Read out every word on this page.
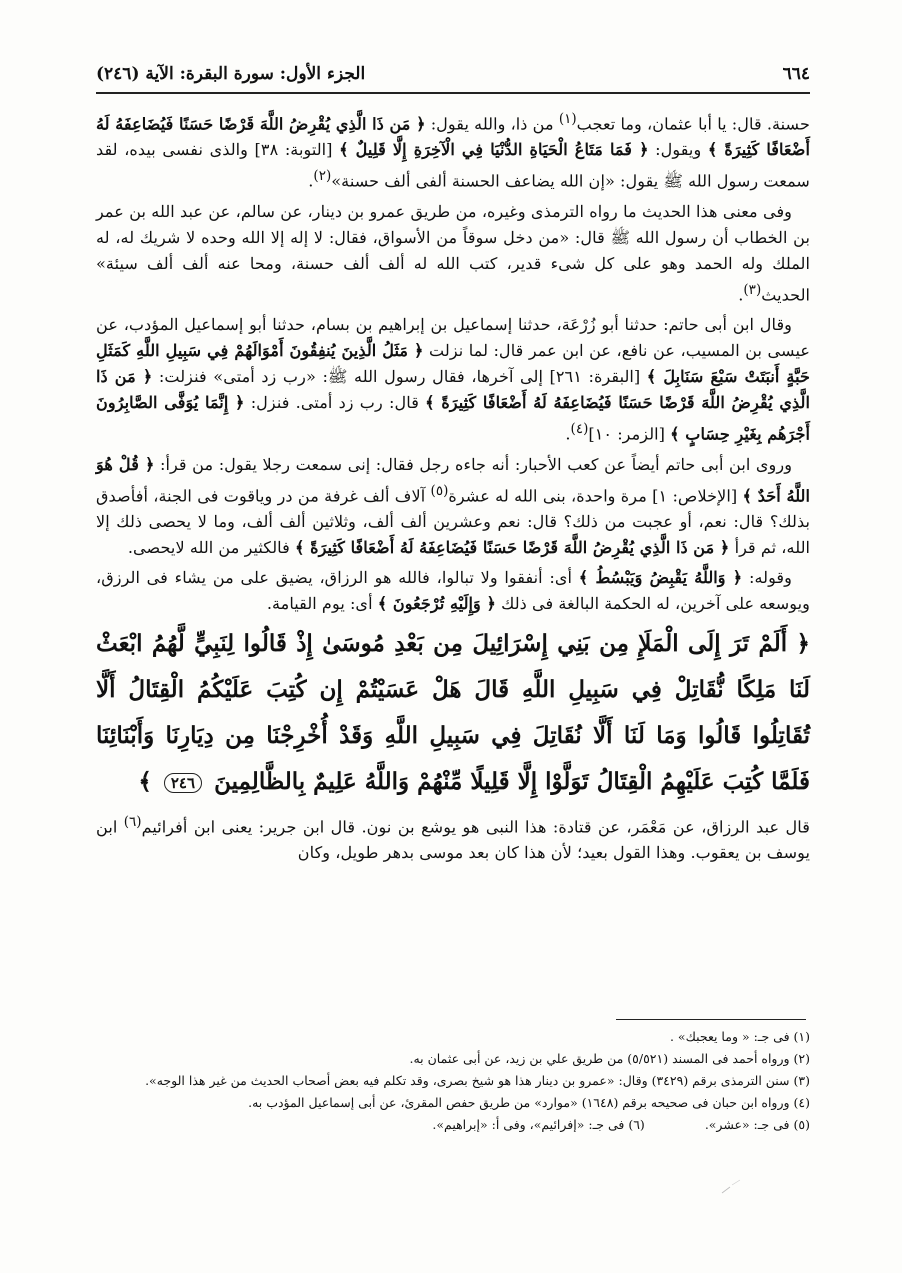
٦٦٤
الجزء الأول: سورة البقرة: الآية (٢٤٦)

حسنة. قال: يا أبا عثمان، وما تعجب$^{(١)}$ من ذا، والله يقول: ﴿ مَن ذَا الَّذِي يُقْرِضُ اللَّهَ قَرْضًا حَسَنًا فَيُضَاعِفَهُ لَهُ أَضْعَافًا كَثِيرَةً ﴾ ويقول: ﴿ فَمَا مَتَاعُ الْحَيَاةِ الدُّنْيَا فِي الْآخِرَةِ إِلَّا قَلِيلٌ ﴾ [التوبة: ٣٨] والذى نفسى بيده، لقد سمعت رسول الله ﷺ يقول: «إن الله يضاعف الحسنة ألفى ألف حسنة»$^{(٢)}$.

وفى معنى هذا الحديث ما رواه الترمذى وغيره، من طريق عمرو بن دينار، عن سالم، عن عبد الله بن عمر بن الخطاب أن رسول الله ﷺ قال: «من دخل سوقاً من الأسواق، فقال: لا إله إلا الله وحده لا شريك له، له الملك وله الحمد وهو على كل شىء قدير، كتب الله له ألف ألف حسنة، ومحا عنه ألف ألف سيئة» الحديث$^{(٣)}$.

وقال ابن أبى حاتم: حدثنا أبو زُرْعَة، حدثنا إسماعيل بن إبراهيم بن بسام، حدثنا أبو إسماعيل المؤدب، عن عيسى بن المسيب، عن نافع، عن ابن عمر قال: لما نزلت ﴿ مَثَلُ الَّذِينَ يُنفِقُونَ أَمْوَالَهُمْ فِي سَبِيلِ اللَّهِ كَمَثَلِ حَبَّةٍ أَنبَتَتْ سَبْعَ سَنَابِلَ ﴾ [البقرة: ٢٦١] إلى آخرها، فقال رسول الله ﷺ: «رب زد أمتى» فنزلت: ﴿ مَن ذَا الَّذِي يُقْرِضُ اللَّهَ قَرْضًا حَسَنًا فَيُضَاعِفَهُ لَهُ أَضْعَافًا كَثِيرَةً ﴾ قال: رب زد أمتى. فنزل: ﴿ إِنَّمَا يُوَفَّى الصَّابِرُونَ أَجْرَهُم بِغَيْرِ حِسَابٍ ﴾ [الزمر: ١٠]$^{(٤)}$.

وروى ابن أبى حاتم أيضاً عن كعب الأحبار: أنه جاءه رجل فقال: إنى سمعت رجلا يقول: من قرأ: ﴿ قُلْ هُوَ اللَّهُ أَحَدٌ ﴾ [الإخلاص: ١] مرة واحدة، بنى الله له عشرة$^{(٥)}$ آلاف ألف غرفة من در وياقوت فى الجنة، أفأصدق بذلك؟ قال: نعم، أو عجبت من ذلك؟ قال: نعم وعشرين ألف ألف، وثلاثين ألف ألف، وما لا يحصى ذلك إلا الله، ثم قرأ ﴿ مَن ذَا الَّذِي يُقْرِضُ اللَّهَ قَرْضًا حَسَنًا فَيُضَاعِفَهُ لَهُ أَضْعَافًا كَثِيرَةً ﴾ فالكثير من الله لايحصى.

وقوله: ﴿ وَاللَّهُ يَقْبِضُ وَيَبْسُطُ ﴾ أى: أنفقوا ولا تبالوا، فالله هو الرزاق، يضيق على من يشاء فى الرزق، ويوسعه على آخرين، له الحكمة البالغة فى ذلك ﴿ وَإِلَيْهِ تُرْجَعُونَ ﴾ أى: يوم القيامة.

﴿ أَلَمْ تَرَ إِلَى الْمَلَإِ مِن بَنِي إِسْرَائِيلَ مِن بَعْدِ مُوسَىٰ إِذْ قَالُوا لِنَبِيٍّ لَّهُمُ ابْعَثْ لَنَا مَلِكًا نُّقَاتِلْ فِي سَبِيلِ اللَّهِ قَالَ هَلْ عَسَيْتُمْ إِن كُتِبَ عَلَيْكُمُ الْقِتَالُ أَلَّا تُقَاتِلُوا قَالُوا وَمَا لَنَا أَلَّا نُقَاتِلَ فِي سَبِيلِ اللَّهِ وَقَدْ أُخْرِجْنَا مِن دِيَارِنَا وَأَبْنَائِنَا فَلَمَّا كُتِبَ عَلَيْهِمُ الْقِتَالُ تَوَلَّوْا إِلَّا قَلِيلًا مِّنْهُمْ وَاللَّهُ عَلِيمٌ بِالظَّالِمِينَ ٢٤٦ ﴾

قال عبد الرزاق، عن مَعْمَر، عن قتادة: هذا النبى هو يوشع بن نون. قال ابن جرير: يعنى ابن أفرائيم$^{(٦)}$ ابن يوسف بن يعقوب. وهذا القول بعيد؛ لأن هذا كان بعد موسى بدهر طويل، وكان

(١) فى جـ: « وما يعجبك» .

(٢) ورواه أحمد فى المسند (٥/٥٢١) من طريق علي بن زيد، عن أبى عثمان به.

(٣) سنن الترمذى برقم (٣٤٢٩) وقال: «عمرو بن دينار هذا هو شيخ بصرى، وقد تكلم فيه بعض أصحاب الحديث من غير هذا الوجه».

(٤) ورواه ابن حبان فى صحيحه برقم (١٦٤٨) «موارد» من طريق حفص المقرئ، عن أبى إسماعيل المؤدب به.

(٥) فى جـ: «عشر».

(٦) فى جـ: «إفرائيم»، وفى أ: «إبراهيم».
